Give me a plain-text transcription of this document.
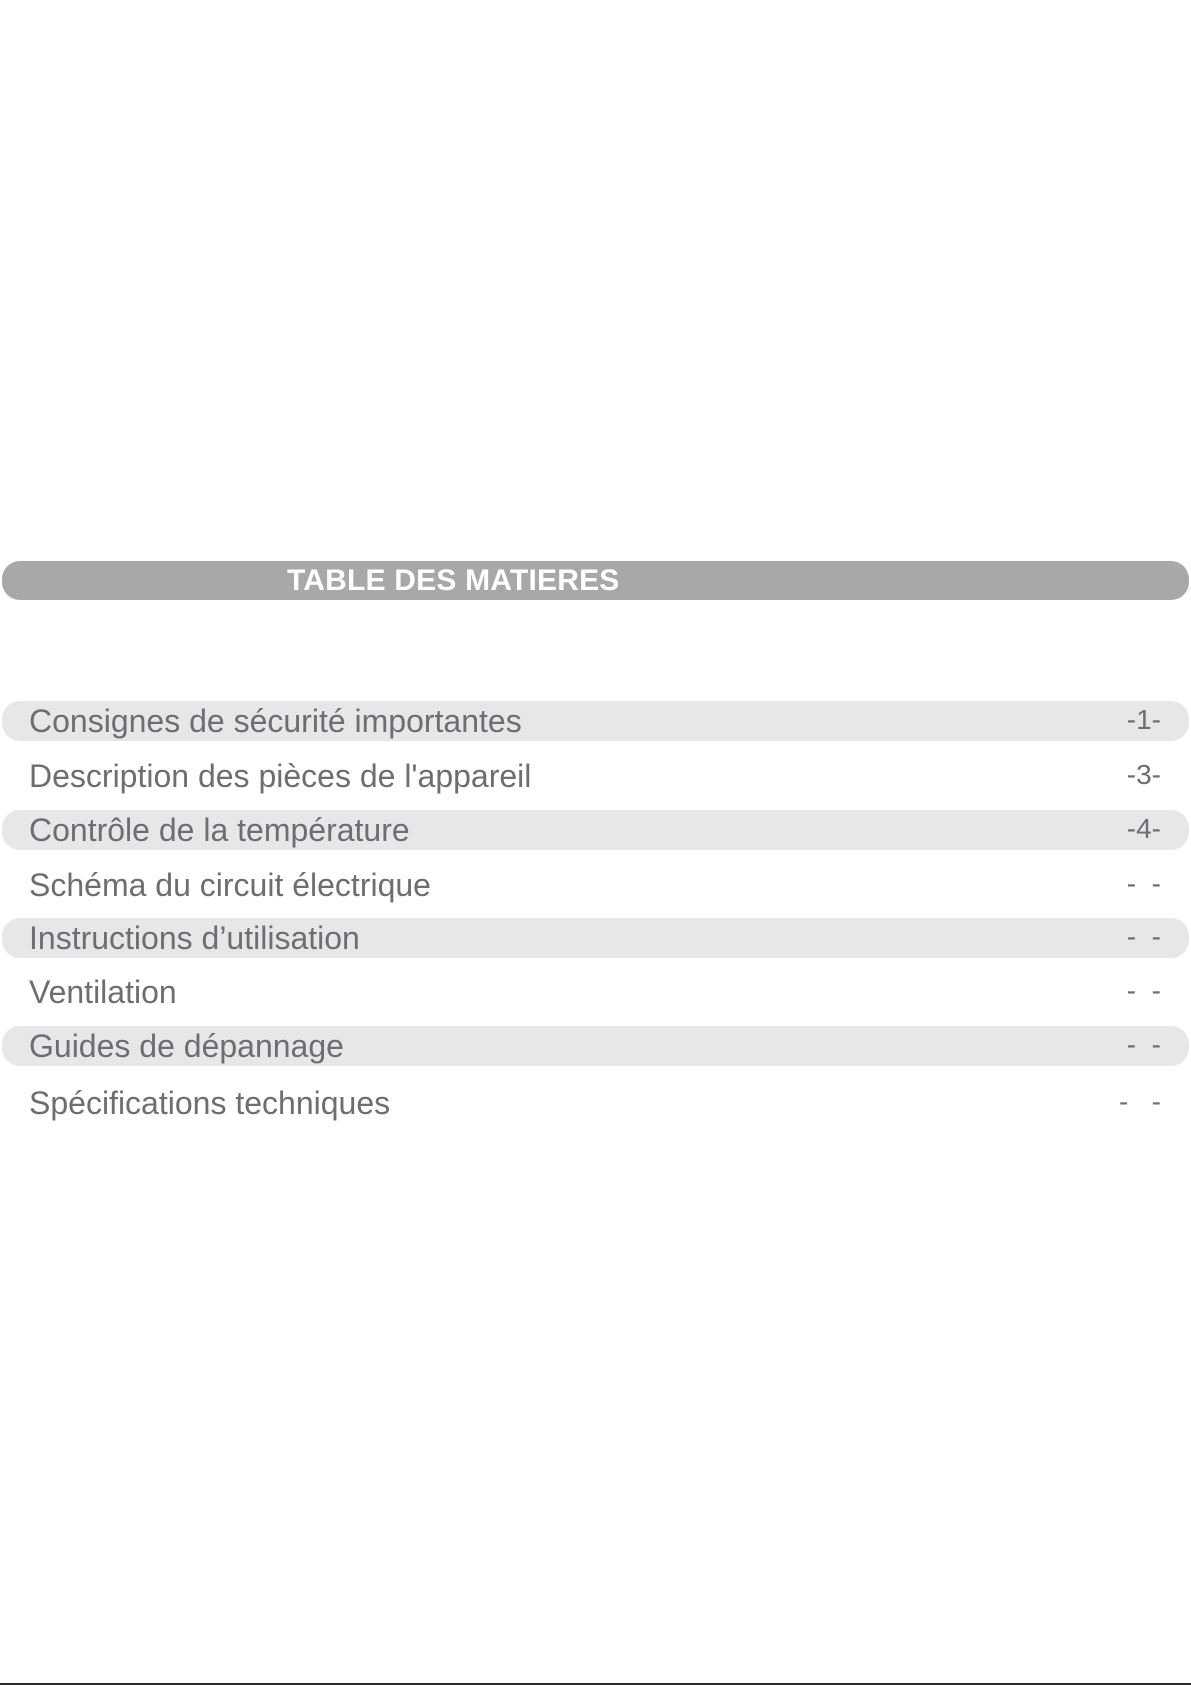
TABLE DES MATIERES
Consignes de sécurité importantes	-1-
Description des pièces de l'appareil	-3-
Contrôle de la température	-4-
Schéma du circuit électrique	-  -
Instructions d’utilisation	-  -
Ventilation	-  -
Guides de dépannage	-  -
Spécifications techniques	-   -
